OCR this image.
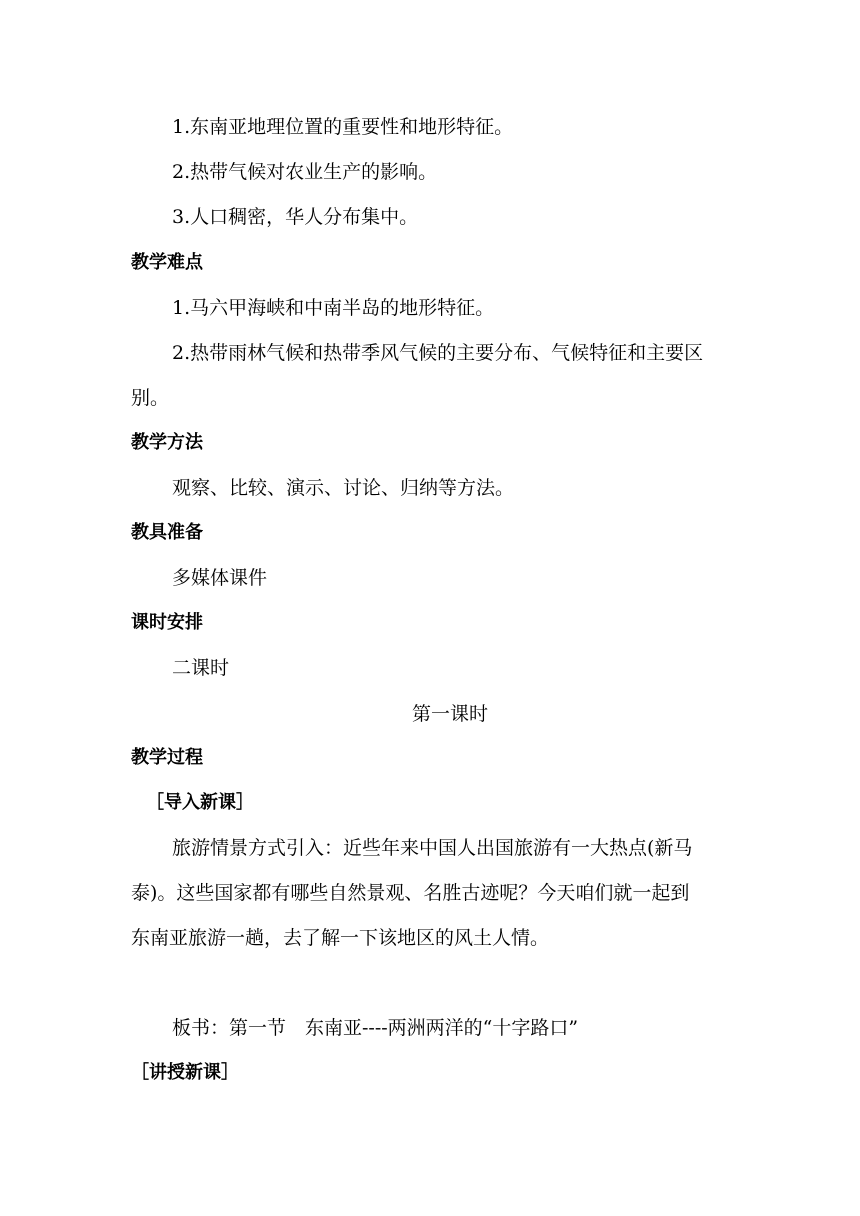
1.东南亚地理位置的重要性和地形特征。
2.热带气候对农业生产的影响。
3.人口稠密，华人分布集中。
教学难点
1.马六甲海峡和中南半岛的地形特征。
2.热带雨林气候和热带季风气候的主要分布、气候特征和主要区
别。
教学方法
观察、比较、演示、讨论、归纳等方法。
教具准备
多媒体课件
课时安排
二课时
第一课时
教学过程
［导入新课］
旅游情景方式引入：近些年来中国人出国旅游有一大热点(新马
泰)。这些国家都有哪些自然景观、名胜古迹呢？今天咱们就一起到
东南亚旅游一趟，去了解一下该地区的风土人情。
板书：第一节　东南亚----两洲两洋的“十字路口”
［讲授新课］
